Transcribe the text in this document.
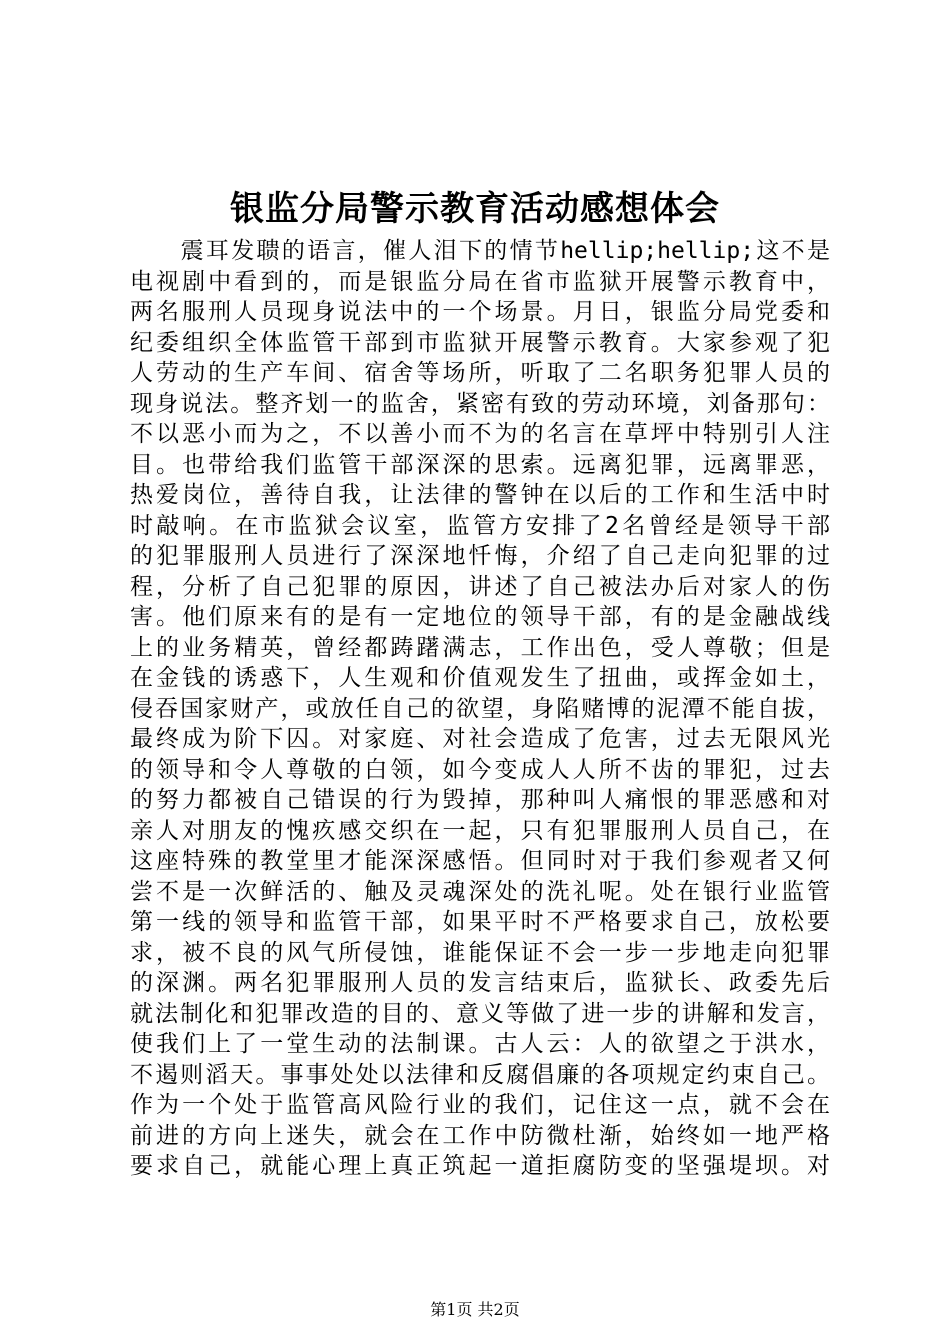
银监分局警示教育活动感想体会
　　震耳发聩的语言，催人泪下的情节hellip;hellip;这不是
电视剧中看到的，而是银监分局在省市监狱开展警示教育中，
两名服刑人员现身说法中的一个场景。月日，银监分局党委和
纪委组织全体监管干部到市监狱开展警示教育。大家参观了犯
人劳动的生产车间、宿舍等场所，听取了二名职务犯罪人员的
现身说法。整齐划一的监舍，紧密有致的劳动环境，刘备那句：
不以恶小而为之，不以善小而不为的名言在草坪中特别引人注
目。也带给我们监管干部深深的思索。远离犯罪，远离罪恶，
热爱岗位，善待自我，让法律的警钟在以后的工作和生活中时
时敲响。在市监狱会议室，监管方安排了2名曾经是领导干部
的犯罪服刑人员进行了深深地忏悔，介绍了自己走向犯罪的过
程，分析了自己犯罪的原因，讲述了自己被法办后对家人的伤
害。他们原来有的是有一定地位的领导干部，有的是金融战线
上的业务精英，曾经都踌躇满志，工作出色，受人尊敬；但是
在金钱的诱惑下，人生观和价值观发生了扭曲，或挥金如土，
侵吞国家财产，或放任自己的欲望，身陷赌博的泥潭不能自拔，
最终成为阶下囚。对家庭、对社会造成了危害，过去无限风光
的领导和令人尊敬的白领，如今变成人人所不齿的罪犯，过去
的努力都被自己错误的行为毁掉，那种叫人痛恨的罪恶感和对
亲人对朋友的愧疚感交织在一起，只有犯罪服刑人员自己，在
这座特殊的教堂里才能深深感悟。但同时对于我们参观者又何
尝不是一次鲜活的、触及灵魂深处的洗礼呢。处在银行业监管
第一线的领导和监管干部，如果平时不严格要求自己，放松要
求，被不良的风气所侵蚀，谁能保证不会一步一步地走向犯罪
的深渊。两名犯罪服刑人员的发言结束后，监狱长、政委先后
就法制化和犯罪改造的目的、意义等做了进一步的讲解和发言，
使我们上了一堂生动的法制课。古人云：人的欲望之于洪水，
不遏则滔天。事事处处以法律和反腐倡廉的各项规定约束自己。
作为一个处于监管高风险行业的我们，记住这一点，就不会在
前进的方向上迷失，就会在工作中防微杜渐，始终如一地严格
要求自己，就能心理上真正筑起一道拒腐防变的坚强堤坝。对
第1页 共2页
